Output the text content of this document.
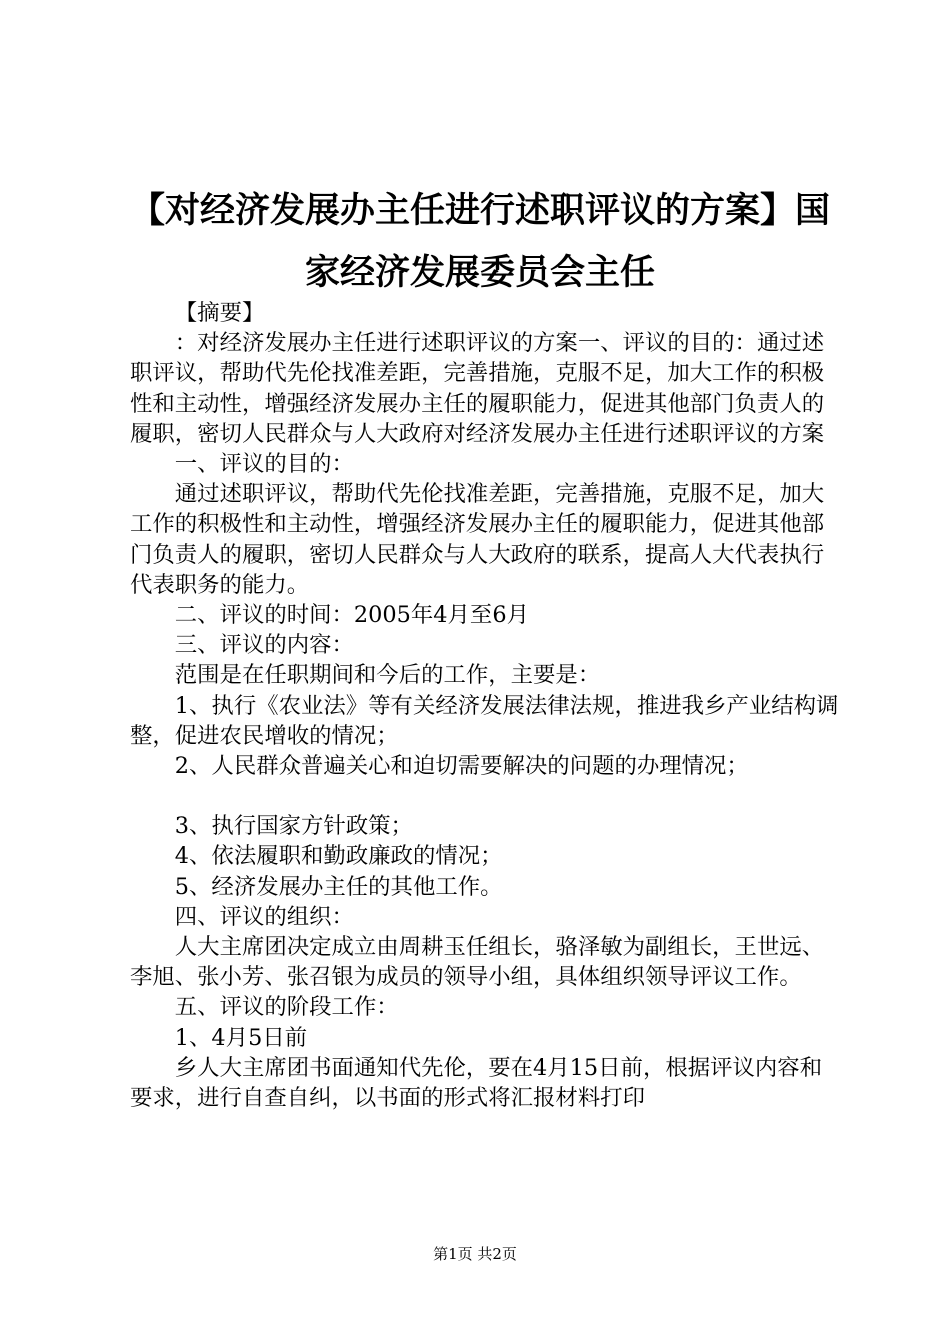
【对经济发展办主任进行述职评议的方案】国家经济发展委员会主任

【摘要】

：对经济发展办主任进行述职评议的方案一、评议的目的：通过述职评议，帮助代先伦找准差距，完善措施，克服不足，加大工作的积极性和主动性，增强经济发展办主任的履职能力，促进其他部门负责人的履职，密切人民群众与人大政府对经济发展办主任进行述职评议的方案

一、评议的目的：

通过述职评议，帮助代先伦找准差距，完善措施，克服不足，加大工作的积极性和主动性，增强经济发展办主任的履职能力，促进其他部门负责人的履职，密切人民群众与人大政府的联系，提高人大代表执行代表职务的能力。

二、评议的时间：2005年4月至6月

三、评议的内容：

范围是在任职期间和今后的工作，主要是：

1、执行《农业法》等有关经济发展法律法规，推进我乡产业结构调整，促进农民增收的情况；

2、人民群众普遍关心和迫切需要解决的问题的办理情况；

3、执行国家方针政策；

4、依法履职和勤政廉政的情况；

5、经济发展办主任的其他工作。

四、评议的组织：

人大主席团决定成立由周耕玉任组长，骆泽敏为副组长，王世远、李旭、张小芳、张召银为成员的领导小组，具体组织领导评议工作。

五、评议的阶段工作：

1、4月5日前

乡人大主席团书面通知代先伦，要在4月15日前，根据评议内容和要求，进行自查自纠，以书面的形式将汇报材料打印

第1页 共2页
